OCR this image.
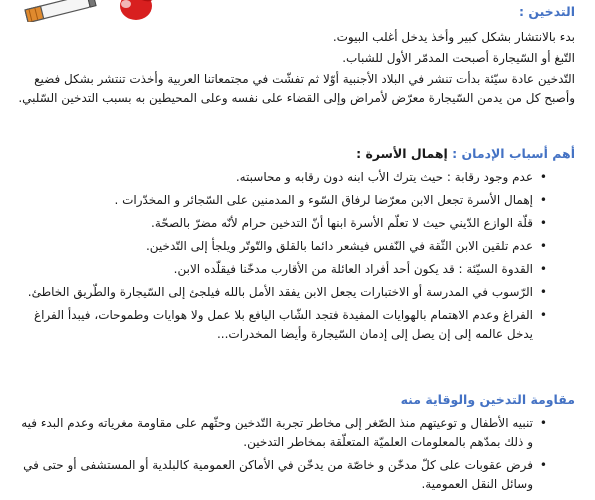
التدخين :

بدء بالانتشار بشكل كبير وأخذ يدخل أغلب البيوت.

التّبغ أو السّيجارة أصبحت المدمّر الأول للشباب.

التّدخين عادة سيّئة بدأت تنشر في البلاد الأجنبية أوّلا ثم تفشّت في مجتمعاتنا العربية وأخذت تنتشر بشكل فضيع وأصبح كل من يدمن السّيجارة معرّض لأمراض وإلى القضاء على نفسه وعلى المحيطين به بسبب التدخين السّلبي.

أهم أسباب الإدمان : إهمال الأسرة :
• عدم وجود رقابة : حيث يترك الأب ابنه دون رقابه و محاسبته.
• إهمال الأسرة تجعل الابن معرّضا لرفاق السّوء و المدمنين على السّجائر و المخدّرات .
• قلّة الوازع الدّيني حيث لا تعلّم الأسرة ابنها أنّ التدخين حرام لأنّه مضرّ بالصحّة.
• عدم تلقين الابن الثّقة في النّفس فيشعر دائما بالقلق والتّوتّر ويلجأ إلى التّدخين.
• القدوة السيّئة : قد يكون أحد أفراد العائلة من الأقارب مدخّنا فيقلّده الابن.
• الرّسوب في المدرسة أو الاختبارات يجعل الابن يفقد الأمل بالله فيلجئ إلى السّيجارة والطّريق الخاطئ.
• الفراغ وعدم الاهتمام بالهوايات المفيدة فتجد الشّاب اليافع بلا عمل ولا هوايات وطموحات، فيبدأ الفراغ يدخل عالمه إلى إن يصل إلى إدمان السّيجارة وأيضا المخدرات...
مقاومة التدخين والوقاية منه
• تنبيه الأطفال و توعيتهم منذ الصّغر إلى مخاطر تجربة التّدخين وحثّهم على مقاومة مغرياته وعدم البدء فيه و ذلك بمدّهم بالمعلومات العلميّة المتعلّقة بمخاطر التدخين.
• فرض عقوبات على كلّ مدخّن و خاصّة من يدخّن في الأماكن العمومية كالبلدية أو المستشفى أو حتى في وسائل النقل العمومية.
